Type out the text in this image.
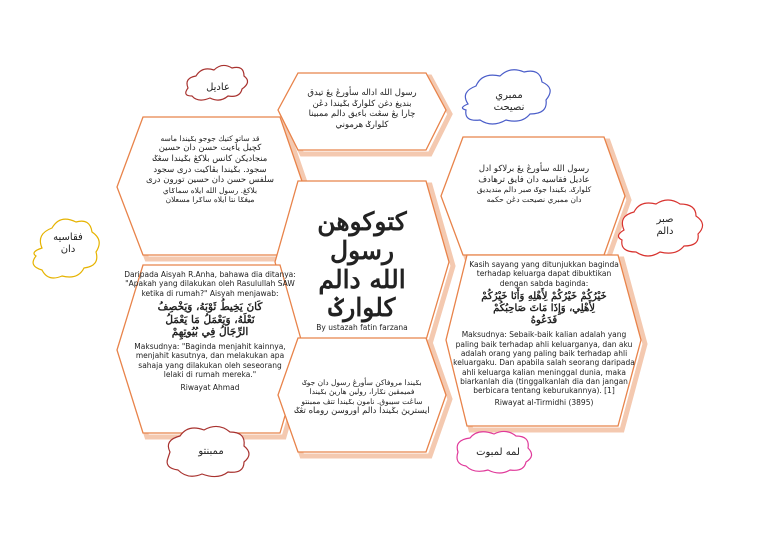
رسول الله اداله سأورڠ يڠ تيدق
بندیغ دغن کلوارݢ بݢيندا دڠن
چارا يڠ سڠت باءيق دالم ممبينا
کلوارݢ هرموني
رسول الله سأورڠ يڠ برلاكو ادل
عاديل فقاسيه دان فايق ترهادف
كلوارݢ. بݢيندا جوݢ صبر دالم منديديق
دان ممبري نصيحت دڠن حكمه
قد ساتو كتيك جوجو بݢيندا ماسه
كچيل ياءيت حسن دان حسين
منجاديکن کانس بلاکڠ بݢيندا سڠݢ
سجود. بݢيندا بڤاکيت درى سجود
سلفس حسن دان حسين تورون درى
بلاکڠ. رسول الله ايلاه سماݢاي
ميڠݢا نتا ايلاه ساݢرا مسعلان
كتوكوهن رسول
الله دالم
كلوارݢ
By ustazah fatin farzana
Daripada Aisyah R.Anha, bahawa dia ditanya: "Apakah yang dilakukan oleh Rasulullah SAW ketika di rumah?" Aisyah menjawab:
كَانَ يَخِيطُ ثَوْبَهُ، وَيَخْصِفُ
نَعْلَهُ، وَيَعْمَلُ مَا يَعْمَلُ
الرِّجَالُ فِي بُيُوتِهِمْ
Maksudnya: "Baginda menjahit kainnya, menjahit kasutnya, dan melakukan apa sahaja yang dilakukan oleh seseorang lelaki di rumah mereka."
Riwayat Ahmad
Kasih sayang yang ditunjukkan baginda terhadap keluarga dapat dibuktikan dengan sabda baginda:
خَيْرُكُمْ خَيْرُكُمْ لِأَهْلِهِ وَأَنَا خَيْرُكُمْ
لِأَهْلِي، وَإِذَا مَاتَ صَاحِبُكُمْ
فَدَعُوهُ
Maksudnya: Sebaik-baik kalian adalah yang paling baik terhadap ahli keluarganya, dan aku adalah orang yang paling baik terhadap ahli keluargaku. Dan apabila salah seorang daripada ahli keluarga kalian meninggal dunia, maka biarkanlah dia (tinggalkanlah dia dan jangan berbicara tentang keburukannya). [1]
Riwayat al-Tirmidhi (3895)
بݢيندا مروفاكن سأورڠ رسول دان جوݢ
فميمڤين نݢارا، رولين هاريڽ بݢيندا
ساڠت سيبوق. نامون بݢيندا تتڤ ممبنتو
ايستريڽ بݢيندا دالم اوروسن روماه تڠݢ
عاديل
ممبري
نصيحت
صبر
دالم
فقاسيه
دان
ممبنتو	لمه لمبوت
